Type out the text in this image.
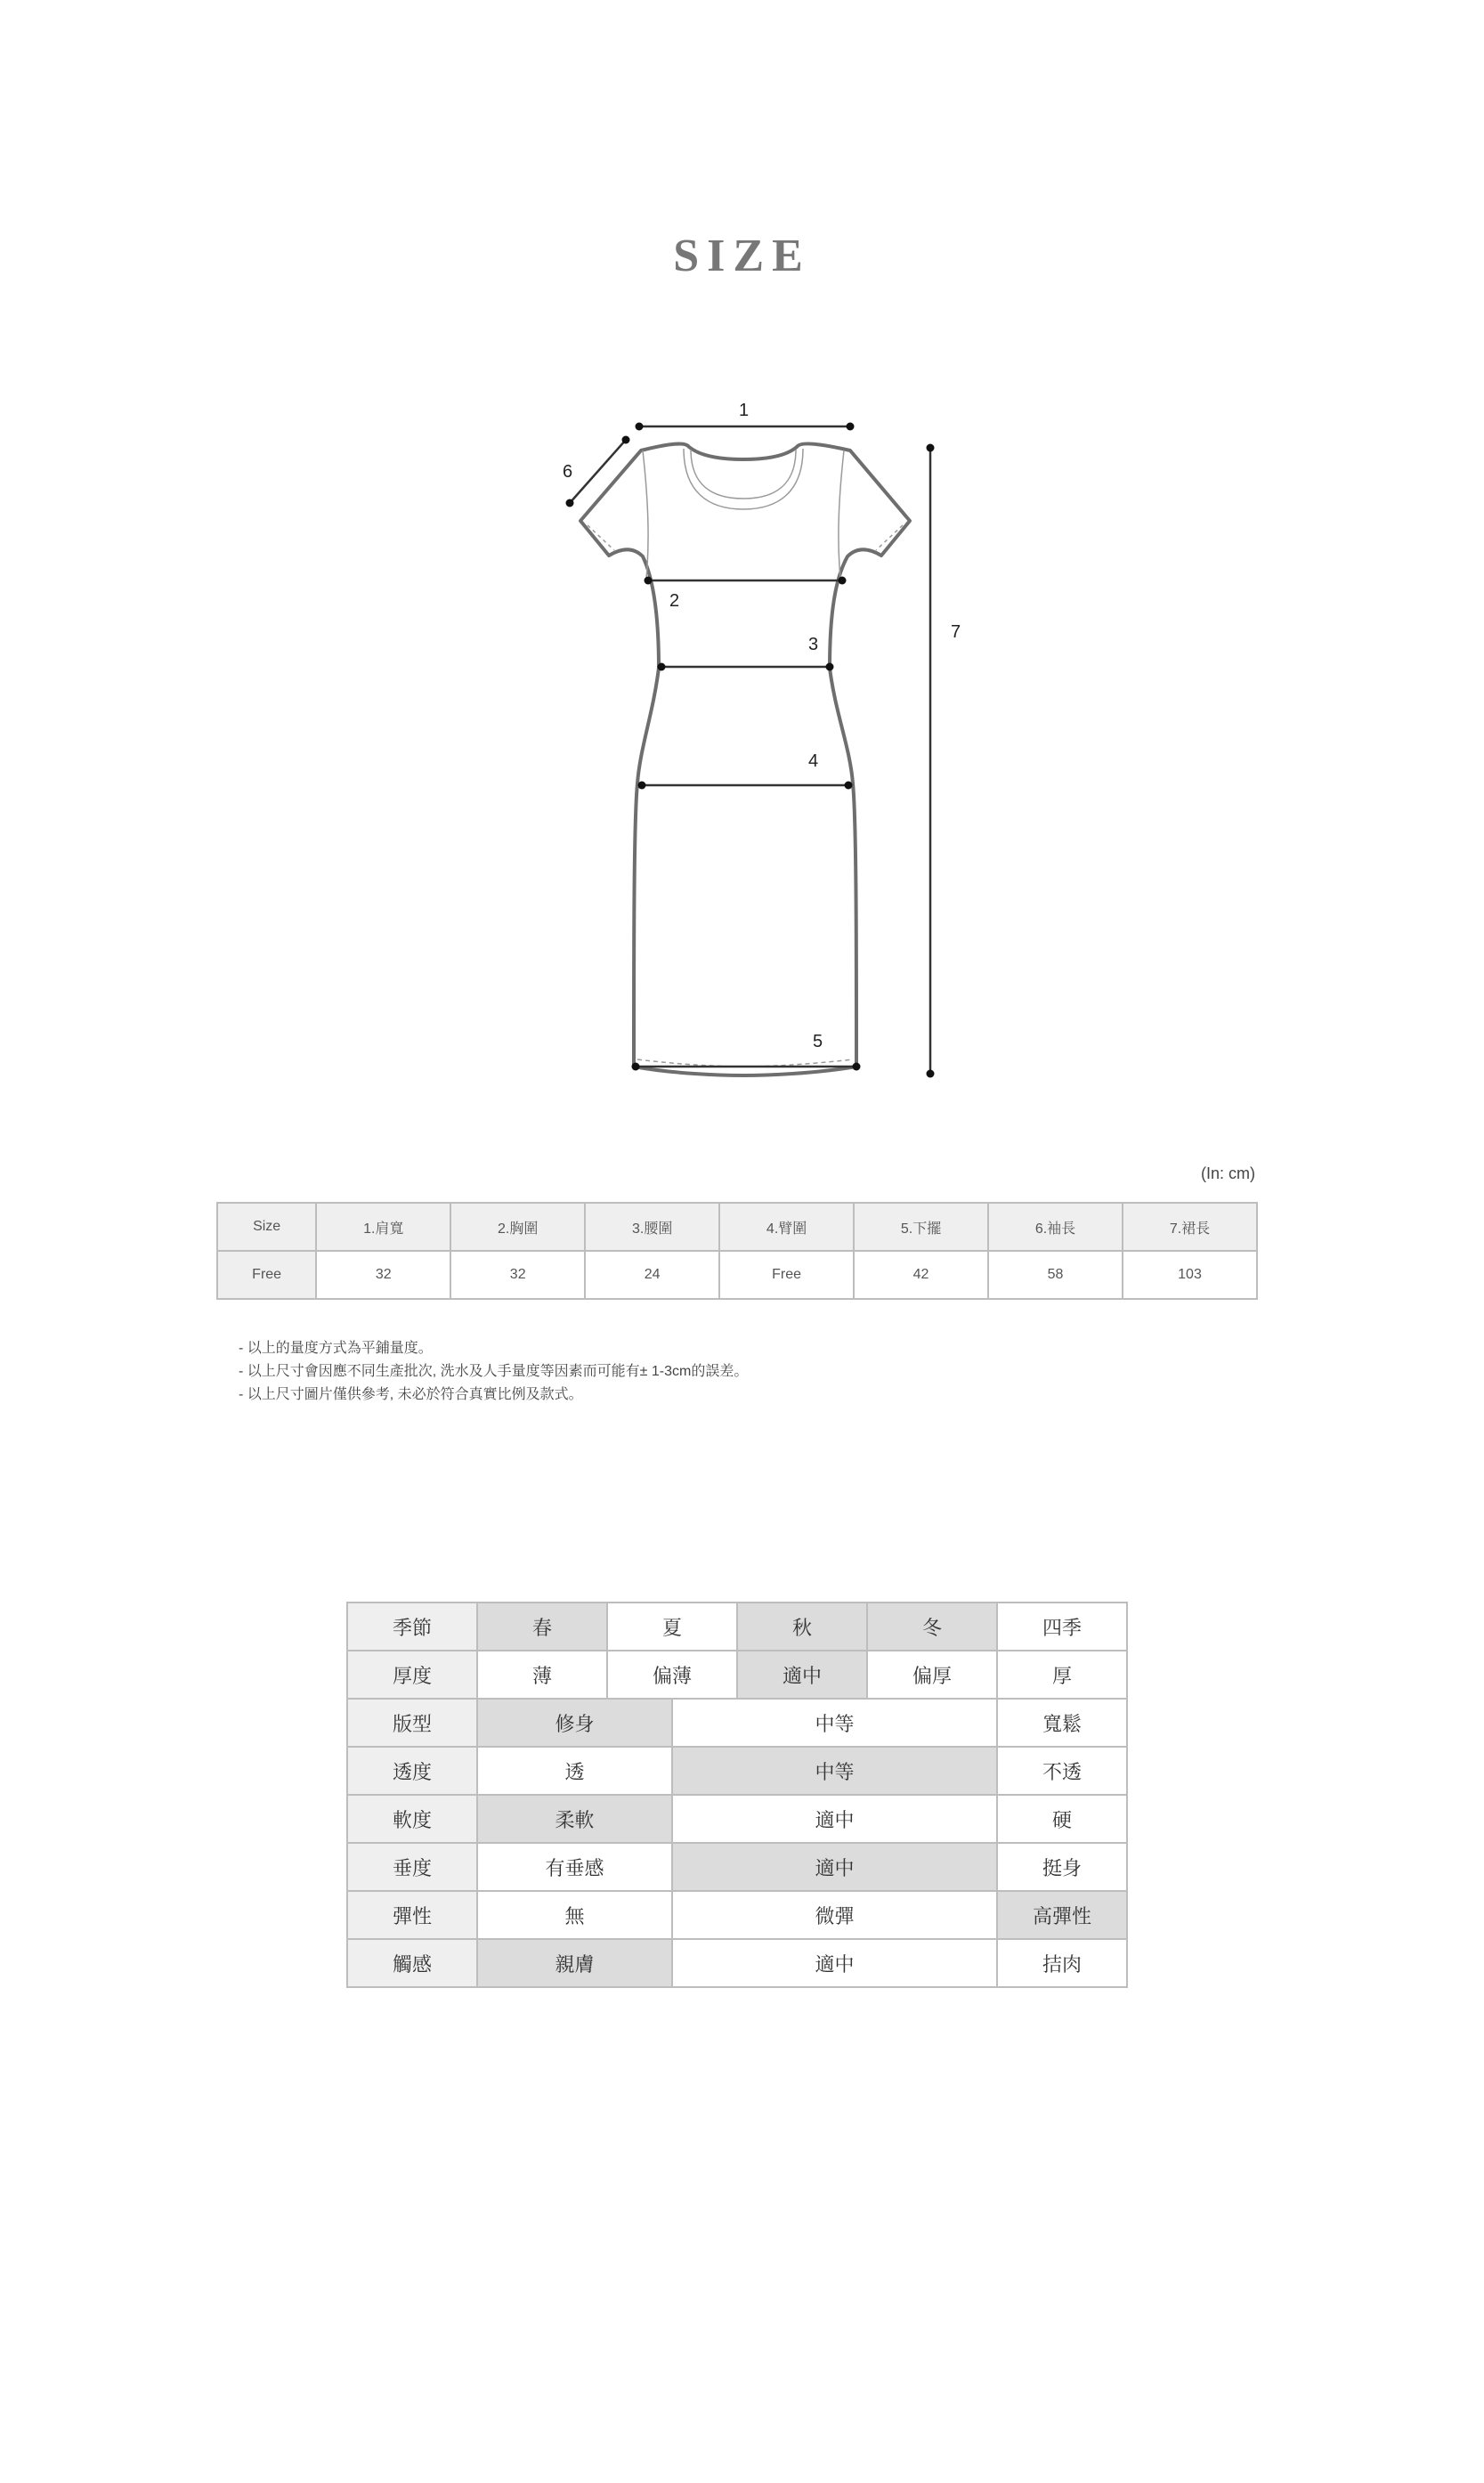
SIZE
1
2
3
4
5
6
7
(In: cm)
Size	1.肩寬	2.胸圍	3.腰圍	4.臂圍	5.下擺	6.袖長	7.裙長
Free	32	32	24	Free	42	58	103
- 以上的量度方式為平鋪量度。
- 以上尺寸會因應不同生產批次, 洗水及人手量度等因素而可能有± 1-3cm的誤差。
- 以上尺寸圖片僅供參考, 未必於符合真實比例及款式。
季節	春	夏		秋	冬	四季
厚度	薄	偏薄		適中	偏厚	厚
版型	修身		中等			寬鬆
透度	透		中等			不透
軟度	柔軟		適中			硬
垂度	有垂感		適中			挺身
彈性	無		微彈			高彈性
觸感	親膚		適中			拮肉
